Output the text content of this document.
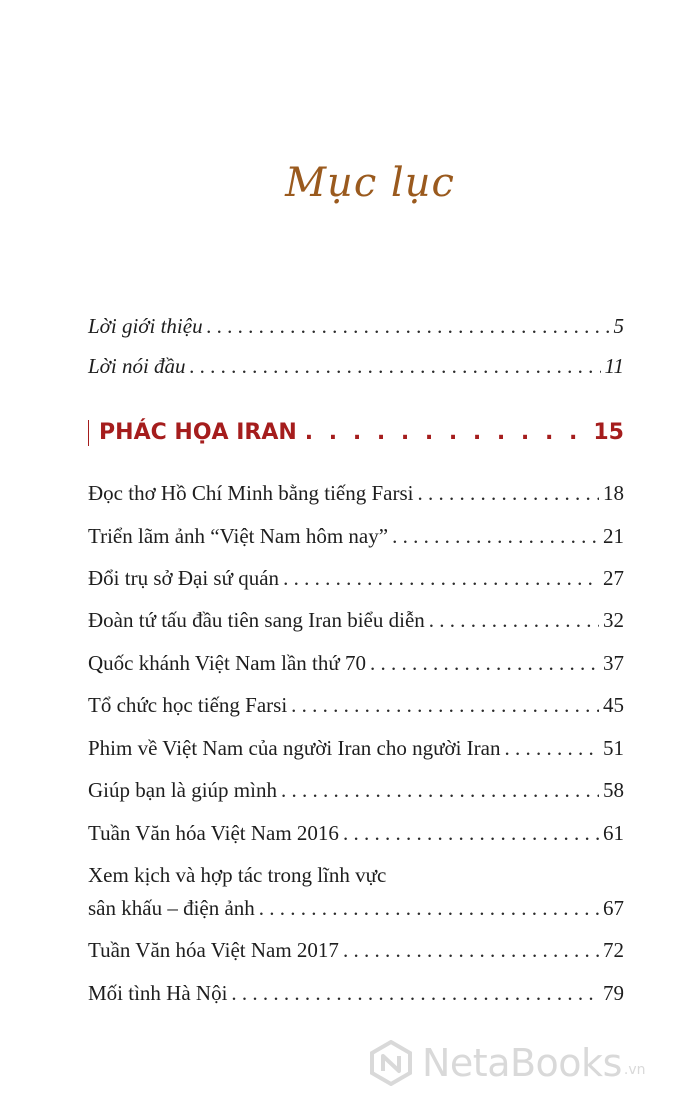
Mục lục
Lời giới thiệu . . .	5
Lời nói đầu . . .	11
PHÁC HỌA IRAN . . .	15
Đọc thơ Hồ Chí Minh bằng tiếng Farsi . . .	18
Triển lãm ảnh “Việt Nam hôm nay” . . .	21
Đổi trụ sở Đại sứ quán . . .	27
Đoàn tứ tấu đầu tiên sang Iran biểu diễn . . .	32
Quốc khánh Việt Nam lần thứ 70 . . .	37
Tổ chức học tiếng Farsi . . .	45
Phim về Việt Nam của người Iran cho người Iran . . .	51
Giúp bạn là giúp mình . . .	58
Tuần Văn hóa Việt Nam 2016 . . .	61
Xem kịch và hợp tác trong lĩnh vực
sân khấu – điện ảnh . . .	67
Tuần Văn hóa Việt Nam 2017 . . .	72
Mối tình Hà Nội . . .	79
NetaBooks .vn
